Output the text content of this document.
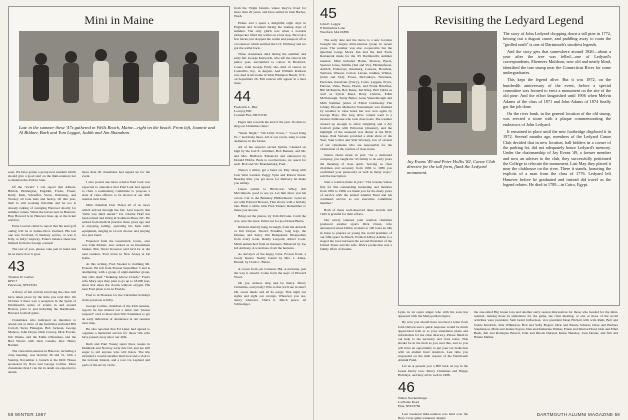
Mini in Maine
Late in the summer these '47s gathered in Wells Beach, Maine—right on the beach. From left, Joannie and Al Bildner, Barb and Tom Leggat, Judith and Jim Shanahan.

seen. We have gotten a group new resident which should give a good start on the mini-reunion; not to mention the 45th in June.

Of the "locals" I can report that Allison, Britten, Hoisington, Engdahl, Foster, Fraser, Kelly, Kirk, Schaeffer, Swan, Weinberg, and Wooley all look hale and hearty. Of this year, their is still working full-time and he too is already talking of swinging Hanover shortly for summer comes. When the leaves turn in Hanover, Hap Howard is in Hanover lines up at the ticket window.

Ernie Conrad called to report that his next golf outing will be at Sainte-Nova Zealand. His last one was Scotland, if memory serves, or was it Italy, or Italy? Anyway, Ernie's balance sheet has thinned from the foreign courses!

The rest of you, please, take pen in hand and let us know how it goes.

43
Thomas W. Gerber
RFD 7
Penacook, NH 03301

A flurry of fall activity involving the class will have taken place by the time you read this: On October 3 there was a reception in the Spirit of Dartmouth's series of events in and around Boston, prior to and including the Dartmouth–Harvard football game.

Classmates who indicated an intention to attend one or more of the festivities included Bill Carroll, Steve Finnegan, Bob Jackson, George Munroe, John Doyle, Dick Conroy, Dick Fowler, Jim Weeks, and the Eddie O'Rourkes, and the Bud Silvers with their cousins, Rev. Henry Bartlett.

The class mini-reunion in Hanover, including a class meeting, was October 30 and 31, with a Sunday, November 1, brunch at the DOC House sponsored by Nora and George Collins. More classmates than I can list in detail are expected to attend.

more than 20 classmates had signed up for the event.

I also posted one more scholar Paul Lent was expected to announce that Paul Lent had agreed to chair a nominating committee to propose a slate of class officers to be elected at our 45th reunion next June.

Mini chairman Don Ticket all of us news which arrived through the fall. Lent reports that "mini was third attend." Dr. Charlie Hoff has been retired and living in Southern Pines, NC. He retired from medical practice three years ago and is enjoying sailing, operating his ham radio equipment, singing in a local chorus, and playing in a jazz band.

Expected from the Greenwich, Conn., area was John Rickert, now retired as an investment banker. Bob Stuart Kroeson said he'd be at the next reunion. Your leave in New Jersey at his home.

At this writing, Fred Stoekel is claiming Mt. Everest. He left from Boston September 5 and is attempting, with a group of eight-member group, that calls itself "Trekking Above Clouds." Fred's wife Mary says they plan to go up to 18,000 feet, since that takes the clouds without oxygen. His next Fred plans to be in Florida.

Fred is in Houston for the Christmas holidays in his previous activity.

George Collins, chairman of the 45th reunion, reports he has mailed out a letter and "please respond" card to more than 500 classmates to get an early indication of attendance at our reunion next June.

He also reported that Ed Lister had agreed to organize a memorial service for those '43s who have passed away since our 40th.

Ruth and Paul Young spent three weeks in Denmark and Norway early this fall, and are still eager to tell anyone who will listen. The trip included a coastal steamer mail boat and a visit to the Lofoten Islands, and a tour via Lapland and parts of the Arctic circle.

from the Virgin Islands, where they've lived for more than 20 years, and have settled in Oak Harbor, Wash.

Elaine and I spent a delightful eight days in England and Scotland during the waning days of summer. The only glitch was when a London pickpocket lifted my wallet on a bus stop. He took a few bucks, but dropped the wallet and passport off at a bookstore which notified the U.S. Embassy and we got the wallet back.

Three classmates died during the summer and early fall. George Kenworth, who left the class in his junior year, succumbed to cancer in Branford, Conn.; John George Early also died of cancer, in Louisville, Ky., in August. And William Robison was died at his home in West Hampton Beach, N.Y., on September 26. Full notices will appear in a later issue.

44
Frederick L. Hier
Lovejoy Hill
Cornish Flat, NH 03746

Pages turn towards the end of the year. It's time to sing our Christmas cheer:

"Silent Night," "Oh Little Town..." "Good King W..." and many more. All of our carols, sung to wide audiences in the forties.

All of the season's sacred hymns. Chanted on high by the Joel E. Grimmer, Bob Bennett, and Mr. and Mrs. Hubbard. Enhanced and entranced by Donald Hobbs. Back to recollections, we assert for such. Bob and Vic Brandenburg, Fred.

There's a stiller, get a hand on. Play along with Jack West Landon. Peggy Vyne and Robert Street. Hearing him, you get more for Delivery he make you smiley.

Listen awhile to Hitchcock, Wiley, Jim McClintock, good to see ya. Let him show you his colors. Cut to the Berkeley Philharmonic. Lend an ear with Edward Bowser, That shows with a holiday tale. Hum a while with Fred Tusker; Remember to make you snooze.

Bring out the pianos, try Tom McCann. Catch the acts, note the tenor. Pellet out for good Dean Burns.

Ribbons merrily hung in sleigh, from the Arnolds or Jim Dreyer. There's Franklin, long legs, the Dunner, and Saucy Jim Hempstead. Rhapsodize from every nook. Randy Leopold, Albert Cook. Mirth unmatched from us listeners. Balanced by Joe Gil Anthony, A wondrous, from the heavens.

As surveyor of the happy Cans. Frozen floral, a lovely thanos. Neatly bound by Mrs. J. Ames. Herald, by Clark C. Burns.

A crown from our Comeau, Hal. A nacturne, just the way it should. Come from the keys of Howard Wood.

Oh yes, indeed, sing and be merry. Merry Christmas, everybody! Who is that we'll see in June? Oh, sweet music and all its songs. That night our sights and sight our wrongs. Wherever you are, merry whatever. That's it. Much peace. Al Schlesinger.

58 WINTER 1987
45
John E. Leggat
8 Timberline Lane
Westford, MA 01886

The early date and the move to a new location brought the largest mini-reunion group in recent years. The weather was also cooperative but the Quechee Gorge Motor Inn and the Red Fawn Restaurant made for the '45 Dartmouth's summer reunion. Mini included Hoilis, Pierson, Byers, Spencer Jones, Smiths (Ted and Vic), Hirshenfeson, Aldrich, Pomeroys, Reenberg, Cassons, Bowman, Sanborn, Wasson, Colton, Larsen, Jenkins, Whites, (John and Ted), Foxes, McCauleys, Newnans, Paolones, Kasaboks (Tracy), Coles, Leggats, Pryce, Feltons, Vales, Bates, Hoots, and Frank Hutchins, Bill McKenzie, Bob Reust, Ted Riley, Bob Tubbs as well as Sylvia Rand, Betty Chivers, Edith McDonough, Trudy Butler, Gene Steuernbough and Mim Sommer (sister of Elliott Goldstein). The Johnny Brooks Memorial Tournament was finished by weather to raise holes but was won again by George Bays. The long drive contest went to a modest clubhouse who took class notes. The weather cleared up enough to allow tailgating and a dry football game with Princeton (disaster), and the highlight of the weekend was dinner at the DOC house. Paul Stevens provided a slide show of the Year. Sam Coller and Stan Woolsey, two of several of our classmates who are responsible for the vitalization of the rotation of class notes.

Starter chairs made in part: "As a dedicated company, you taught the '45 family to do early years the meaning of class spirit. Serving as class chairman and secretary from 1982 to 1986 you confirmed your generosity as well in many ways," said the inscription.

Start a rotation made in part: "The wonder whose first for this outstanding leadership and member from 1981 to 1986, we thank you for his many years of service with the annual Alumni Fund and his continued service as our executive committee member."

Both of these well-deserved these awards and 1945 is grateful for their efforts.

Our newly talented joint reunion chairmen produced another sports Dick Owen, who announced seven Dallas workers to 100 tours an idle in brass to prepare as young the world premiere of our fifth opera in March. Exalted Abbey Adams to a staged the lows between the second President of the United States and his wife. Dick's production was a family affair of dreams.

Revisiting the Ledyard Legend
Jay Evans '49 and Peter Hollis '82, Canoe Club director for the tall form, flank the Ledyard monument.

The story of John Ledyard chopping down a tall pine in 1772, hewing out a dugout canoe, and paddling away to roam the "girdled earth" is one of Dartmouth's sturdiest legends.

And the story gets that somewhere around 1820—about a year after the tree was felled—one of Ledyard's correspondents, Ebenezer Muldoon, now old and nearly blind, identified the true stump near the Connecticut River for some undergraduates.

This kept the legend alive. But it was 1872, on the hundredth anniversary of the event, before a special committee was formed to erect a monument on the site of the old pine. And the effort languished until 1906 when Melvin Adams of the class of 1871 and John Adams of 1874 finally got the job done.

On the river bank, in the general location of the old stump, was erected a stone with a plaque commemorating the endeavors of John Ledyard.

It remained in place until the new footbridge displaced it in 1972. Several months ago, members of the Ledyard Canoe Club decided that in new location, hall bidders in a corner of the parking lot, did not adequately honor Ledyard's memory. Under the chairmanship of Jay Evans '49, a former member and now an adviser to the club, they successfully petitioned the College to relocate the monument. Last May they placed it near the clubhouse on the river. There it stands, honoring the exploits of a man from the class of 1776. Ledyard left Hanover before he graduated and instead did travel as the legend relates. He died in 1789—in Cairo, Egypt.

Lynn, in an opera singer who with his sons has appeared with the Metropolitan Opera.

By now you should have received a letter from John Osborn and a quick response would be much appreciated both as to your attendance plans and information for the class directory. Please finish in our help to the secretary and class notes. This should be in the mail as you read this, and so you will have an opportunity to put your tax deduction with an alumni fund donation. Last time you responded on the mail request of the Dartmouth Alumni Fund.

Let us at present you a Hill back on top in the Green Derby race. Merry Christmas and Happy Holidays, and may all be well in 1988.

46
Walter Stockenberger
La Plante Road
Etna, NH 03766

Last weekend mini-reunion was held over the Holy Cross game weekend, despite

the one-sided Big Green loss and another early season miscreation for those who headed for the mini-reunion. Among those in attendance for the game, the class meeting, or one or more of the social activities were president, Sam Grant Gilbertson, vice president Dean Fitchett with wife Ruth, Bob and Jackie Kindrick, Jack Wilkinson, Bob and Sally Bogart, Dick and Bernie Scherer, Dave and Barbara Stephenson, Mark and Jeanne Sayers, Dan and Katherine Walker, Frank and Marion Hoad, Don and Ethel Bush, Jim and Romayne Barrett, John and Rhoda Durand, Reese Hensley, Joan Dexter, and Jim and Hanna Mather.

DARTMOUTH ALUMNI MAGAZINE 59
